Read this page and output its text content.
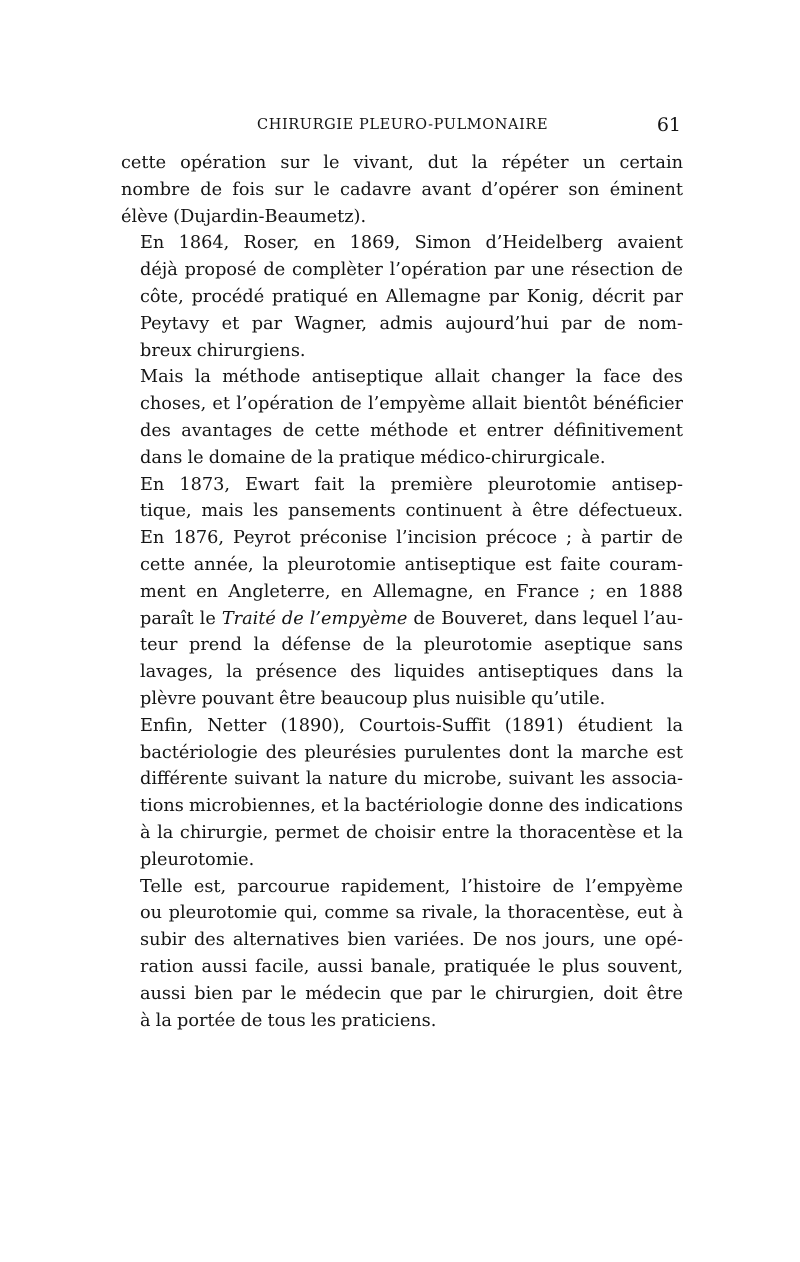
CHIRURGIE PLEURO-PULMONAIRE	61

cette opération sur le vivant, dut la répéter un certain
nombre de fois sur le cadavre avant d’opérer son éminent
élève (Dujardin-Beaumetz).

En 1864, Roser, en 1869, Simon d’Heidelberg avaient
déjà proposé de complèter l’opération par une résection de
côte, procédé pratiqué en Allemagne par Konig, décrit par
Peytavy et par Wagner, admis aujourd’hui par de nom-
breux chirurgiens.

Mais la méthode antiseptique allait changer la face des
choses, et l’opération de l’empyème allait bientôt bénéficier
des avantages de cette méthode et entrer définitivement
dans le domaine de la pratique médico-chirurgicale.

En 1873, Ewart fait la première pleurotomie antisep-
tique, mais les pansements continuent à être défectueux.

En 1876, Peyrot préconise l’incision précoce ; à partir de
cette année, la pleurotomie antiseptique est faite couram-
ment en Angleterre, en Allemagne, en France ; en 1888
paraît le Traité de l’empyème de Bouveret, dans lequel l’au-
teur prend la défense de la pleurotomie aseptique sans
lavages, la présence des liquides antiseptiques dans la
plèvre pouvant être beaucoup plus nuisible qu’utile.

Enfin, Netter (1890), Courtois-Suffit (1891) étudient la
bactériologie des pleurésies purulentes dont la marche est
différente suivant la nature du microbe, suivant les associa-
tions microbiennes, et la bactériologie donne des indications
à la chirurgie, permet de choisir entre la thoracentèse et la
pleurotomie.

Telle est, parcourue rapidement, l’histoire de l’empyème
ou pleurotomie qui, comme sa rivale, la thoracentèse, eut à
subir des alternatives bien variées. De nos jours, une opé-
ration aussi facile, aussi banale, pratiquée le plus souvent,
aussi bien par le médecin que par le chirurgien, doit être
à la portée de tous les praticiens.
